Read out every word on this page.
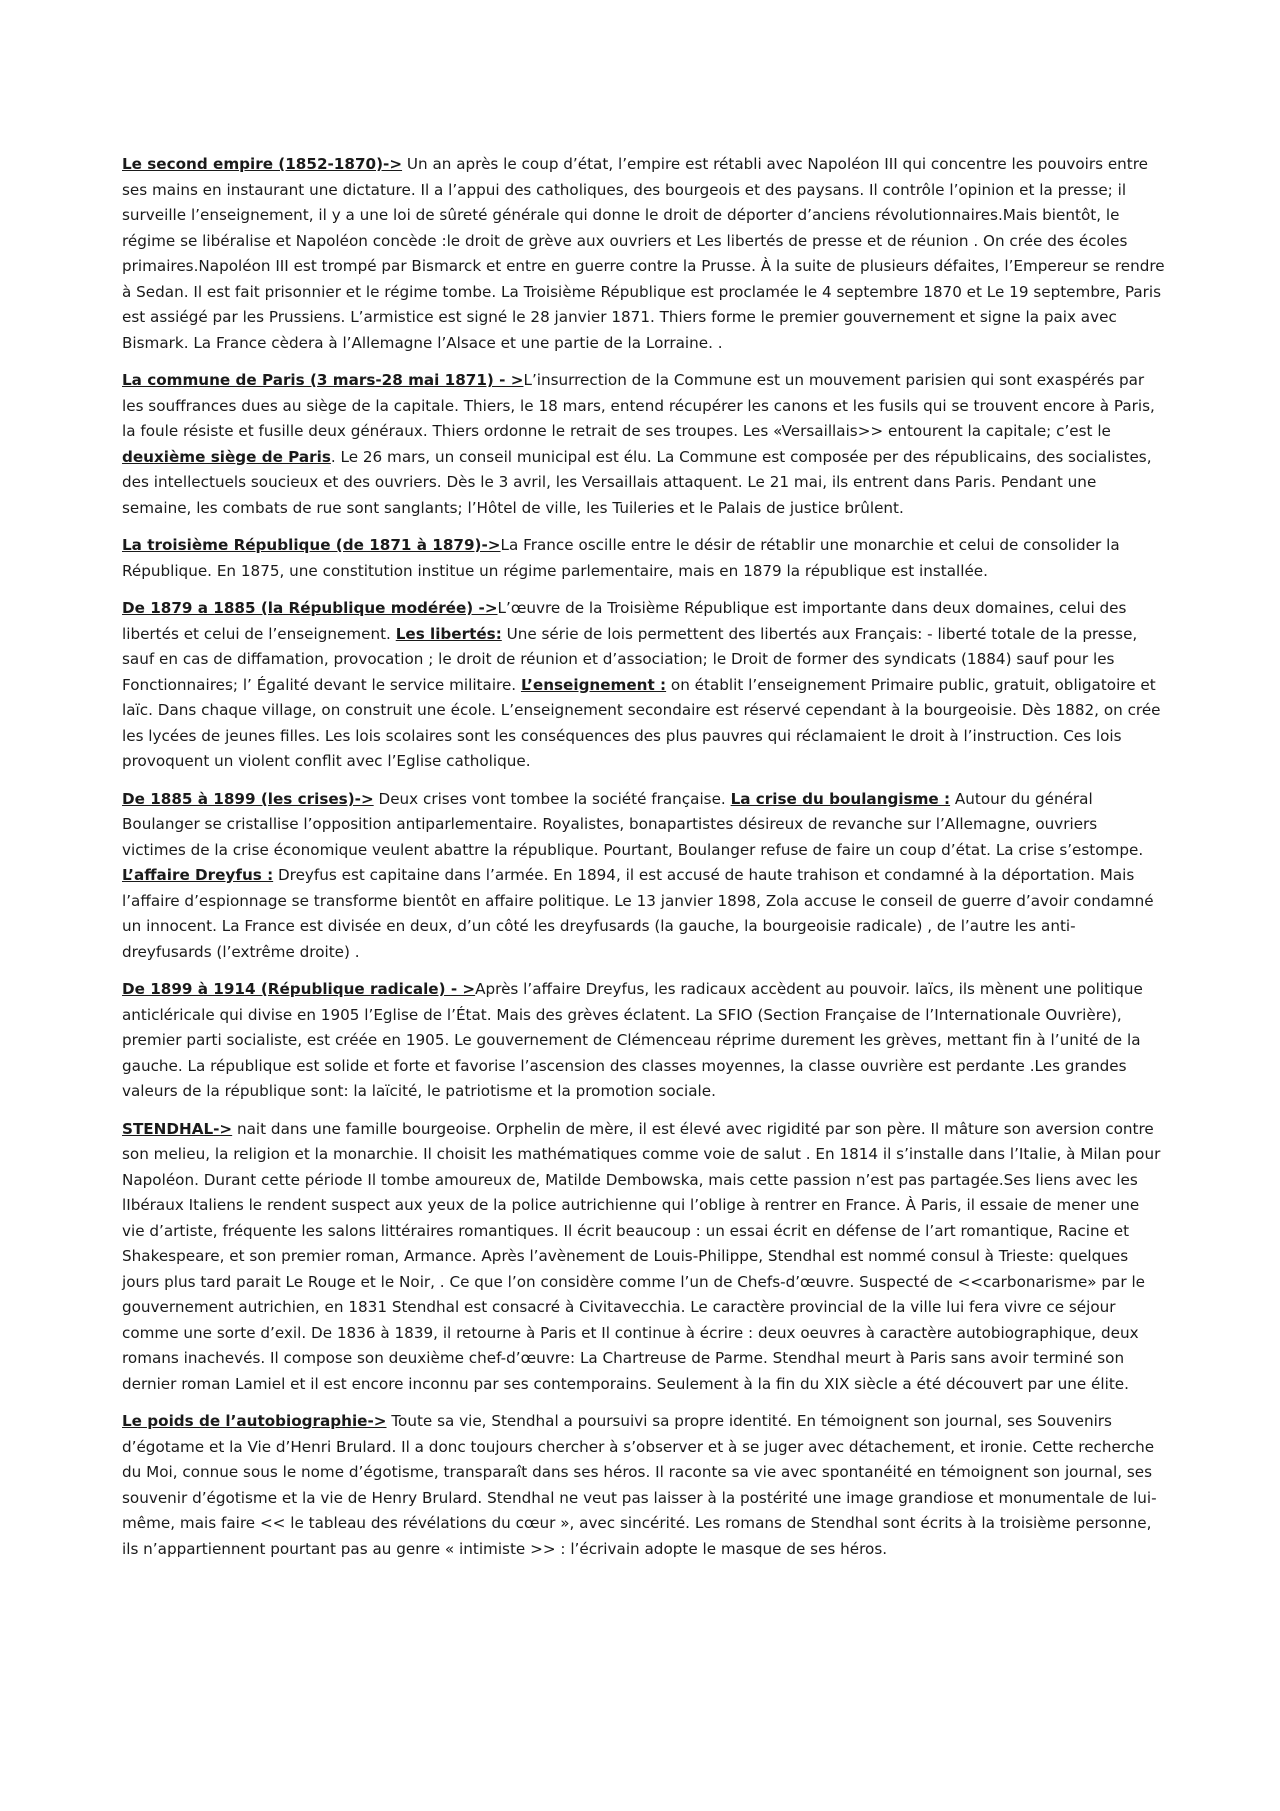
Le second empire (1852-1870)-> Un an après le coup d’état, l’empire est rétabli avec Napoléon III qui concentre les pouvoirs entre ses mains en instaurant une dictature. Il a l’appui des catholiques, des bourgeois et des paysans. Il contrôle l’opinion et la presse; il surveille l’enseignement, il y a une loi de sûreté générale qui donne le droit de déporter d’anciens révolutionnaires.Mais bientôt, le régime se libéralise et Napoléon concède :le droit de grève aux ouvriers et Les libertés de presse et de réunion . On crée des écoles primaires.Napoléon III est trompé par Bismarck et entre en guerre contre la Prusse. À la suite de plusieurs défaites, l’Empereur se rendre à Sedan. Il est fait prisonnier et le régime tombe. La Troisième République est proclamée le 4 septembre 1870 et Le 19 septembre, Paris est assiégé par les Prussiens. L’armistice est signé le 28 janvier 1871. Thiers forme le premier gouvernement et signe la paix avec Bismark. La France cèdera à l’Allemagne l’Alsace et une partie de la Lorraine. .

La commune de Paris (3 mars-28 mai 1871) - >L’insurrection de la Commune est un mouvement parisien qui sont exaspérés par les souffrances dues au siège de la capitale. Thiers, le 18 mars, entend récupérer les canons et les fusils qui se trouvent encore à Paris, la foule résiste et fusille deux généraux. Thiers ordonne le retrait de ses troupes. Les «Versaillais>> entourent la capitale; c’est le deuxième siège de Paris. Le 26 mars, un conseil municipal est élu. La Commune est composée per des républicains, des socialistes, des intellectuels soucieux et des ouvriers. Dès le 3 avril, les Versaillais attaquent. Le 21 mai, ils entrent dans Paris. Pendant une semaine, les combats de rue sont sanglants; l’Hôtel de ville, les Tuileries et le Palais de justice brûlent.

La troisième République (de 1871 à 1879)->La France oscille entre le désir de rétablir une monarchie et celui de consolider la République. En 1875, une constitution institue un régime parlementaire, mais en 1879 la république est installée.

De 1879 a 1885 (la République modérée) ->L’œuvre de la Troisième République est importante dans deux domaines, celui des libertés et celui de l’enseignement. Les libertés: Une série de lois permettent des libertés aux Français: - liberté totale de la presse, sauf en cas de diffamation, provocation ; le droit de réunion et d’association; le Droit de former des syndicats (1884) sauf pour les Fonctionnaires; l’ Égalité devant le service militaire. L’enseignement : on établit l’enseignement Primaire public, gratuit, obligatoire et laïc. Dans chaque village, on construit une école. L’enseignement secondaire est réservé cependant à la bourgeoisie. Dès 1882, on crée les lycées de jeunes filles. Les lois scolaires sont les conséquences des plus pauvres qui réclamaient le droit à l’instruction. Ces lois provoquent un violent conflit avec l’Eglise catholique.

De 1885 à 1899 (les crises)-> Deux crises vont tombee la société française. La crise du boulangisme : Autour du général Boulanger se cristallise l’opposition antiparlementaire. Royalistes, bonapartistes désireux de revanche sur l’Allemagne, ouvriers victimes de la crise économique veulent abattre la république. Pourtant, Boulanger refuse de faire un coup d’état. La crise s’estompe. L’affaire Dreyfus : Dreyfus est capitaine dans l’armée. En 1894, il est accusé de haute trahison et condamné à la déportation. Mais l’affaire d’espionnage se transforme bientôt en affaire politique. Le 13 janvier 1898, Zola accuse le conseil de guerre d’avoir condamné un innocent. La France est divisée en deux, d’un côté les dreyfusards (la gauche, la bourgeoisie radicale) , de l’autre les anti-dreyfusards (l’extrême droite) .

De 1899 à 1914 (République radicale) - >Après l’affaire Dreyfus, les radicaux accèdent au pouvoir. laïcs, ils mènent une politique anticléricale qui divise en 1905 l’Eglise de l’État. Mais des grèves éclatent. La SFIO (Section Française de l’Internationale Ouvrière), premier parti socialiste, est créée en 1905. Le gouvernement de Clémenceau réprime durement les grèves, mettant fin à l’unité de la gauche. La république est solide et forte et favorise l’ascension des classes moyennes, la classe ouvrière est perdante .Les grandes valeurs de la république sont: la laïcité, le patriotisme et la promotion sociale.

STENDHAL-> nait dans une famille bourgeoise. Orphelin de mère, il est élevé avec rigidité par son père. Il mâture son aversion contre son melieu, la religion et la monarchie. Il choisit les mathématiques comme voie de salut . En 1814 il s’installe dans l’Italie, à Milan pour Napoléon. Durant cette période Il tombe amoureux de, Matilde Dembowska, mais cette passion n’est pas partagée.Ses liens avec les lIbéraux Italiens le rendent suspect aux yeux de la police autrichienne qui l’oblige à rentrer en France. À Paris, il essaie de mener une vie d’artiste, fréquente les salons littéraires romantiques. Il écrit beaucoup : un essai écrit en défense de l’art romantique, Racine et Shakespeare, et son premier roman, Armance. Après l’avènement de Louis-Philippe, Stendhal est nommé consul à Trieste: quelques jours plus tard parait Le Rouge et le Noir, . Ce que l’on considère comme l’un de Chefs-d’œuvre. Suspecté de <<carbonarisme» par le gouvernement autrichien, en 1831 Stendhal est consacré à Civitavecchia. Le caractère provincial de la ville lui fera vivre ce séjour comme une sorte d’exil. De 1836 à 1839, il retourne à Paris et Il continue à écrire : deux oeuvres à caractère autobiographique, deux romans inachevés. Il compose son deuxième chef-d’œuvre: La Chartreuse de Parme. Stendhal meurt à Paris sans avoir terminé son dernier roman Lamiel et il est encore inconnu par ses contemporains. Seulement à la fin du XIX siècle a été découvert par une élite.

Le poids de l’autobiographie-> Toute sa vie, Stendhal a poursuivi sa propre identité. En témoignent son journal, ses Souvenirs d’égotame et la Vie d’Henri Brulard. Il a donc toujours chercher à s’observer et à se juger avec détachement, et ironie. Cette recherche du Moi, connue sous le nome d’égotisme, transparaît dans ses héros. Il raconte sa vie avec spontanéité en témoignent son journal, ses souvenir d’égotisme et la vie de Henry Brulard. Stendhal ne veut pas laisser à la postérité une image grandiose et monumentale de lui-même, mais faire << le tableau des révélations du cœur », avec sincérité. Les romans de Stendhal sont écrits à la troisième personne, ils n’appartiennent pourtant pas au genre « intimiste >> : l’écrivain adopte le masque de ses héros.
